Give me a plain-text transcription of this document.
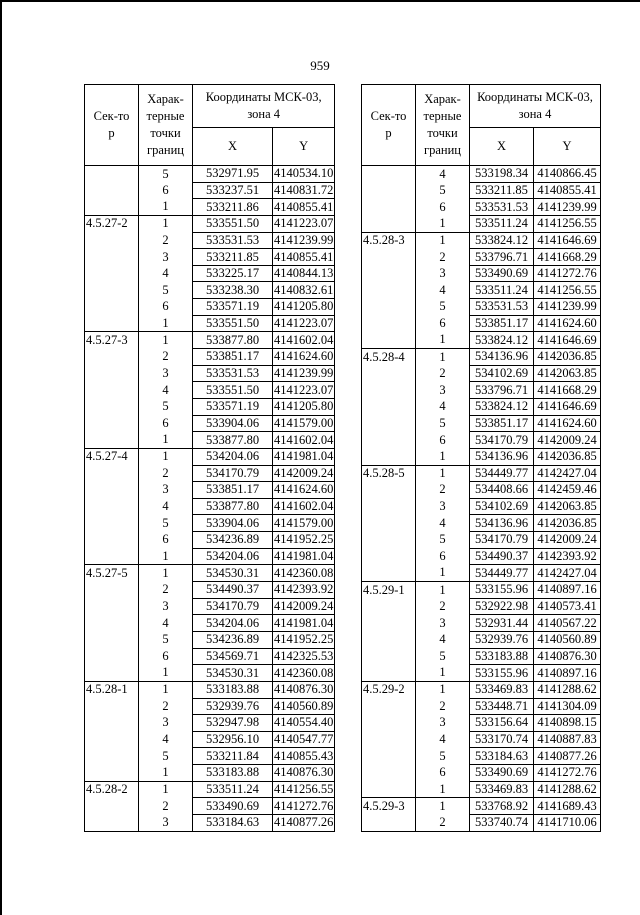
959
Сек-тор	Харак-терные точки границ	Координаты МСК-03, зона 4	
		X	Y
	5	532971.95	4140534.10
	6	533237.51	4140831.72
	1	533211.86	4140855.41
4.5.27-2	1	533551.50	4141223.07
	2	533531.53	4141239.99
	3	533211.85	4140855.41
	4	533225.17	4140844.13
	5	533238.30	4140832.61
	6	533571.19	4141205.80
	1	533551.50	4141223.07
4.5.27-3	1	533877.80	4141602.04
	2	533851.17	4141624.60
	3	533531.53	4141239.99
	4	533551.50	4141223.07
	5	533571.19	4141205.80
	6	533904.06	4141579.00
	1	533877.80	4141602.04
4.5.27-4	1	534204.06	4141981.04
	2	534170.79	4142009.24
	3	533851.17	4141624.60
	4	533877.80	4141602.04
	5	533904.06	4141579.00
	6	534236.89	4141952.25
	1	534204.06	4141981.04
4.5.27-5	1	534530.31	4142360.08
	2	534490.37	4142393.92
	3	534170.79	4142009.24
	4	534204.06	4141981.04
	5	534236.89	4141952.25
	6	534569.71	4142325.53
	1	534530.31	4142360.08
4.5.28-1	1	533183.88	4140876.30
	2	532939.76	4140560.89
	3	532947.98	4140554.40
	4	532956.10	4140547.77
	5	533211.84	4140855.43
	1	533183.88	4140876.30
4.5.28-2	1	533511.24	4141256.55
	2	533490.69	4141272.76
	3	533184.63	4140877.26
Сек-тор	Харак-терные точки границ	Координаты МСК-03, зона 4	
		X	Y
	4	533198.34	4140866.45
	5	533211.85	4140855.41
	6	533531.53	4141239.99
	1	533511.24	4141256.55
4.5.28-3	1	533824.12	4141646.69
	2	533796.71	4141668.29
	3	533490.69	4141272.76
	4	533511.24	4141256.55
	5	533531.53	4141239.99
	6	533851.17	4141624.60
	1	533824.12	4141646.69
4.5.28-4	1	534136.96	4142036.85
	2	534102.69	4142063.85
	3	533796.71	4141668.29
	4	533824.12	4141646.69
	5	533851.17	4141624.60
	6	534170.79	4142009.24
	1	534136.96	4142036.85
4.5.28-5	1	534449.77	4142427.04
	2	534408.66	4142459.46
	3	534102.69	4142063.85
	4	534136.96	4142036.85
	5	534170.79	4142009.24
	6	534490.37	4142393.92
	1	534449.77	4142427.04
4.5.29-1	1	533155.96	4140897.16
	2	532922.98	4140573.41
	3	532931.44	4140567.22
	4	532939.76	4140560.89
	5	533183.88	4140876.30
	1	533155.96	4140897.16
4.5.29-2	1	533469.83	4141288.62
	2	533448.71	4141304.09
	3	533156.64	4140898.15
	4	533170.74	4140887.83
	5	533184.63	4140877.26
	6	533490.69	4141272.76
	1	533469.83	4141288.62
4.5.29-3	1	533768.92	4141689.43
	2	533740.74	4141710.06
